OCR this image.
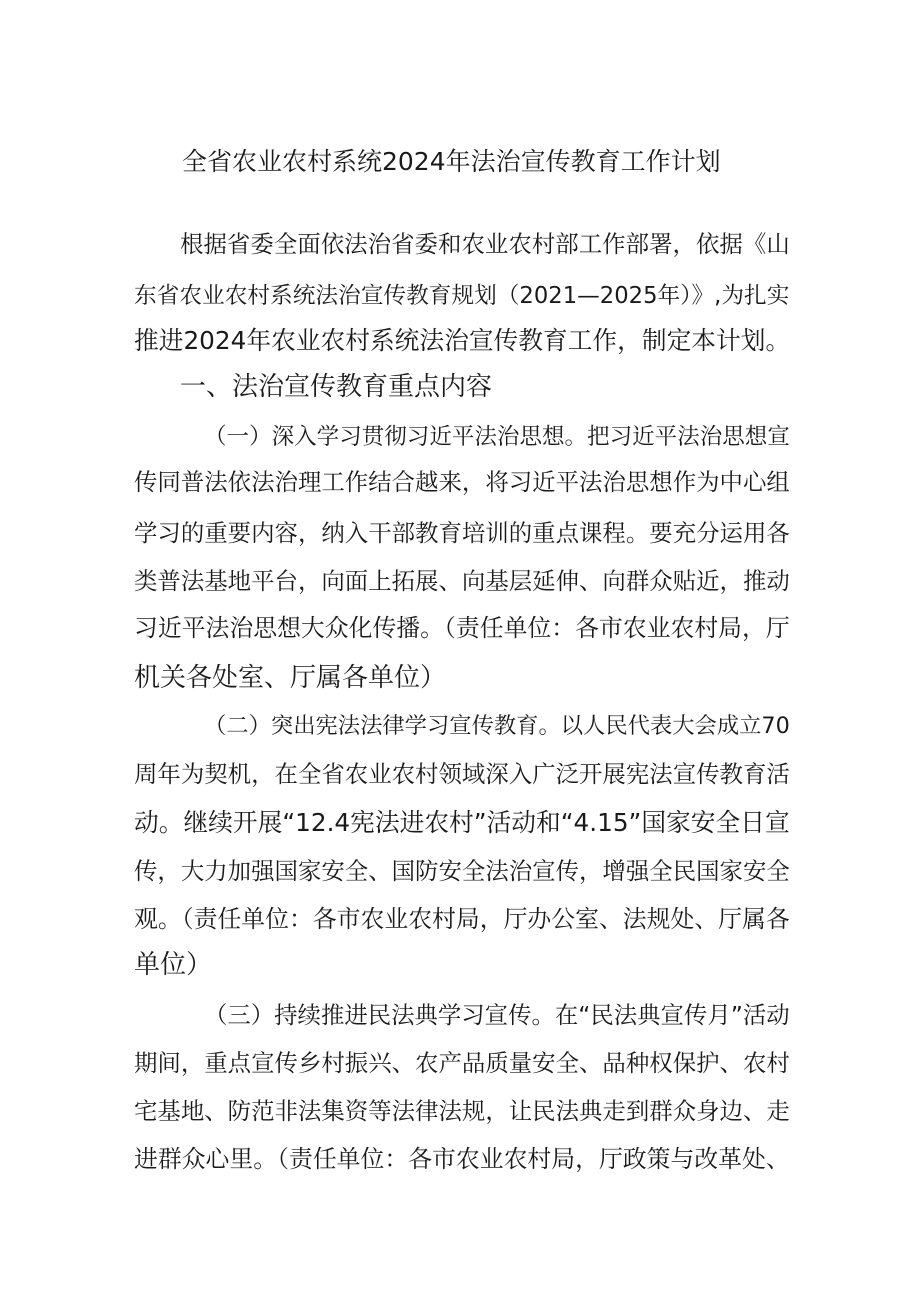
全省农业农村系统2024年法治宣传教育工作计划

根据省委全面依法治省委和农业农村部工作部署，依据《山

东省农业农村系统法治宣传教育规划（2021—2025年）》,为扎实

推进2024年农业农村系统法治宣传教育工作，制定本计划。

一、法治宣传教育重点内容

（一）深入学习贯彻习近平法治思想。把习近平法治思想宣

传同普法依法治理工作结合越来，将习近平法治思想作为中心组

学习的重要内容，纳入干部教育培训的重点课程。要充分运用各

类普法基地平台，向面上拓展、向基层延伸、向群众贴近，推动

习近平法治思想大众化传播。（责任单位：各市农业农村局，厅

机关各处室、厅属各单位）

（二）突出宪法法律学习宣传教育。以人民代表大会成立70

周年为契机，在全省农业农村领域深入广泛开展宪法宣传教育活

动。继续开展“12.4宪法进农村”活动和“4.15”国家安全日宣

传，大力加强国家安全、国防安全法治宣传，增强全民国家安全

观。（责任单位：各市农业农村局，厅办公室、法规处、厅属各

单位）

（三）持续推进民法典学习宣传。在“民法典宣传月”活动

期间，重点宣传乡村振兴、农产品质量安全、品种权保护、农村

宅基地、防范非法集资等法律法规，让民法典走到群众身边、走

进群众心里。（责任单位：各市农业农村局，厅政策与改革处、
